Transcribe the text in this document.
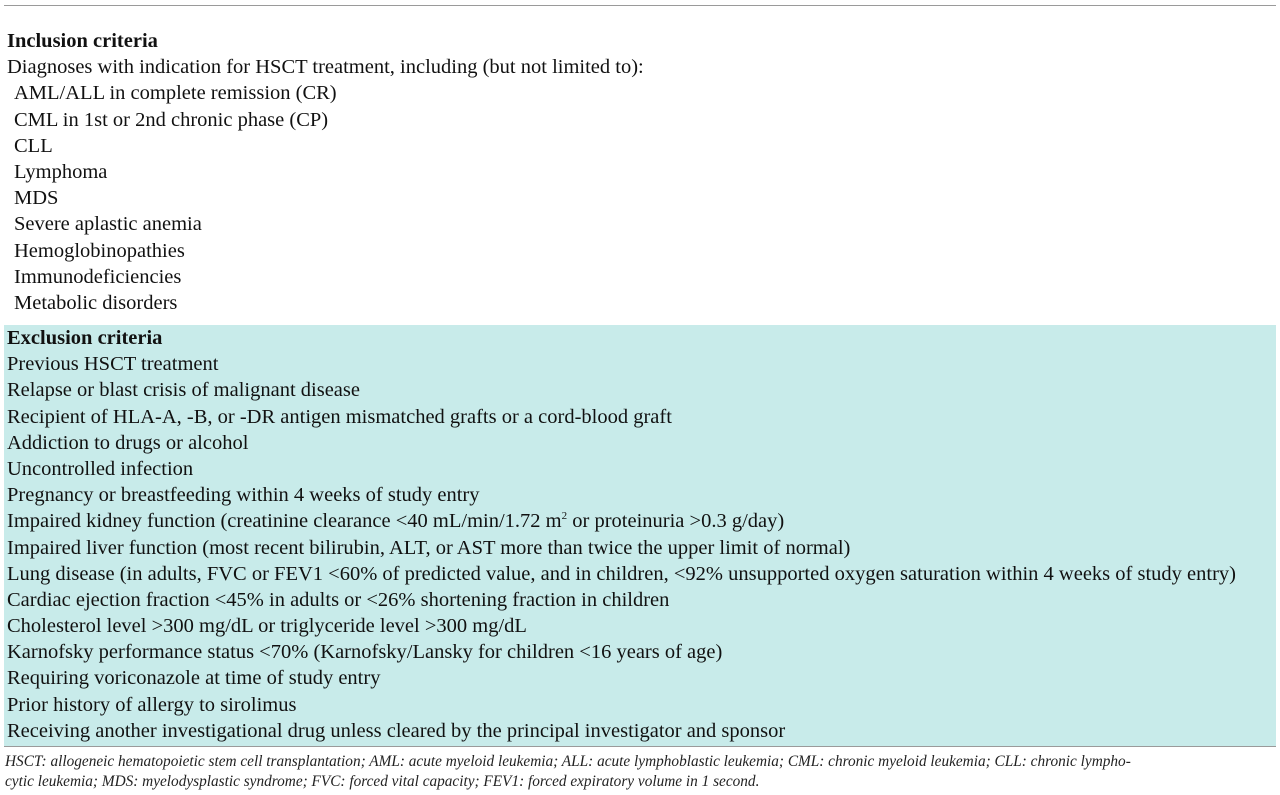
Inclusion criteria
Diagnoses with indication for HSCT treatment, including (but not limited to):
AML/ALL in complete remission (CR)
CML in 1st or 2nd chronic phase (CP)
CLL
Lymphoma
MDS
Severe aplastic anemia
Hemoglobinopathies
Immunodeficiencies
Metabolic disorders
Exclusion criteria
Previous HSCT treatment
Relapse or blast crisis of malignant disease
Recipient of HLA-A, -B, or -DR antigen mismatched grafts or a cord-blood graft
Addiction to drugs or alcohol
Uncontrolled infection
Pregnancy or breastfeeding within 4 weeks of study entry
Impaired kidney function (creatinine clearance <40 mL/min/1.72 $m^2$ or proteinuria >0.3 g/day)
Impaired liver function (most recent bilirubin, ALT, or AST more than twice the upper limit of normal)
Lung disease (in adults, FVC or FEV1 <60% of predicted value, and in children, <92% unsupported oxygen saturation within 4 weeks of study entry)
Cardiac ejection fraction <45% in adults or <26% shortening fraction in children
Cholesterol level >300 mg/dL or triglyceride level >300 mg/dL
Karnofsky performance status <70% (Karnofsky/Lansky for children <16 years of age)
Requiring voriconazole at time of study entry
Prior history of allergy to sirolimus
Receiving another investigational drug unless cleared by the principal investigator and sponsor
HSCT: allogeneic hematopoietic stem cell transplantation; AML: acute myeloid leukemia; ALL: acute lymphoblastic leukemia; CML: chronic myeloid leukemia; CLL: chronic lympho-
cytic leukemia; MDS: myelodysplastic syndrome; FVC: forced vital capacity; FEV1: forced expiratory volume in 1 second.
